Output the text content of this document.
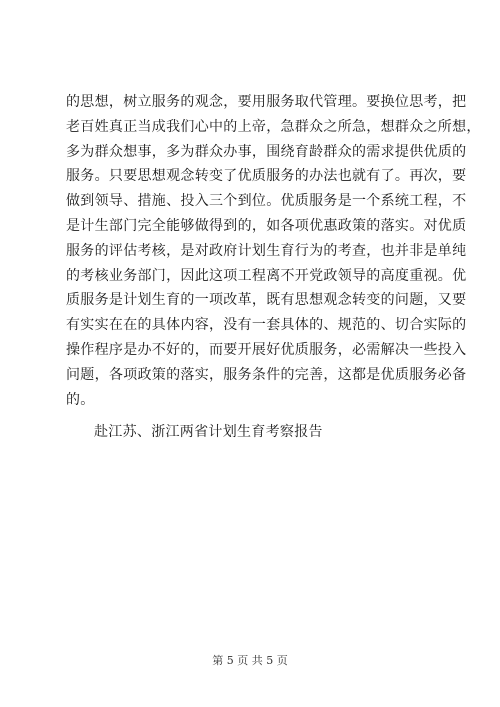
的思想，树立服务的观念，要用服务取代管理。要换位思考，把
老百姓真正当成我们心中的上帝，急群众之所急，想群众之所想，
多为群众想事，多为群众办事，围绕育龄群众的需求提供优质的
服务。只要思想观念转变了优质服务的办法也就有了。再次，要
做到领导、措施、投入三个到位。优质服务是一个系统工程，不
是计生部门完全能够做得到的，如各项优惠政策的落实。对优质
服务的评估考核，是对政府计划生育行为的考查，也并非是单纯
的考核业务部门，因此这项工程离不开党政领导的高度重视。优
质服务是计划生育的一项改革，既有思想观念转变的问题，又要
有实实在在的具体内容，没有一套具体的、规范的、切合实际的
操作程序是办不好的，而要开展好优质服务，必需解决一些投入
问题，各项政策的落实，服务条件的完善，这都是优质服务必备
的。
赴江苏、浙江两省计划生育考察报告
第 5 页 共 5 页
